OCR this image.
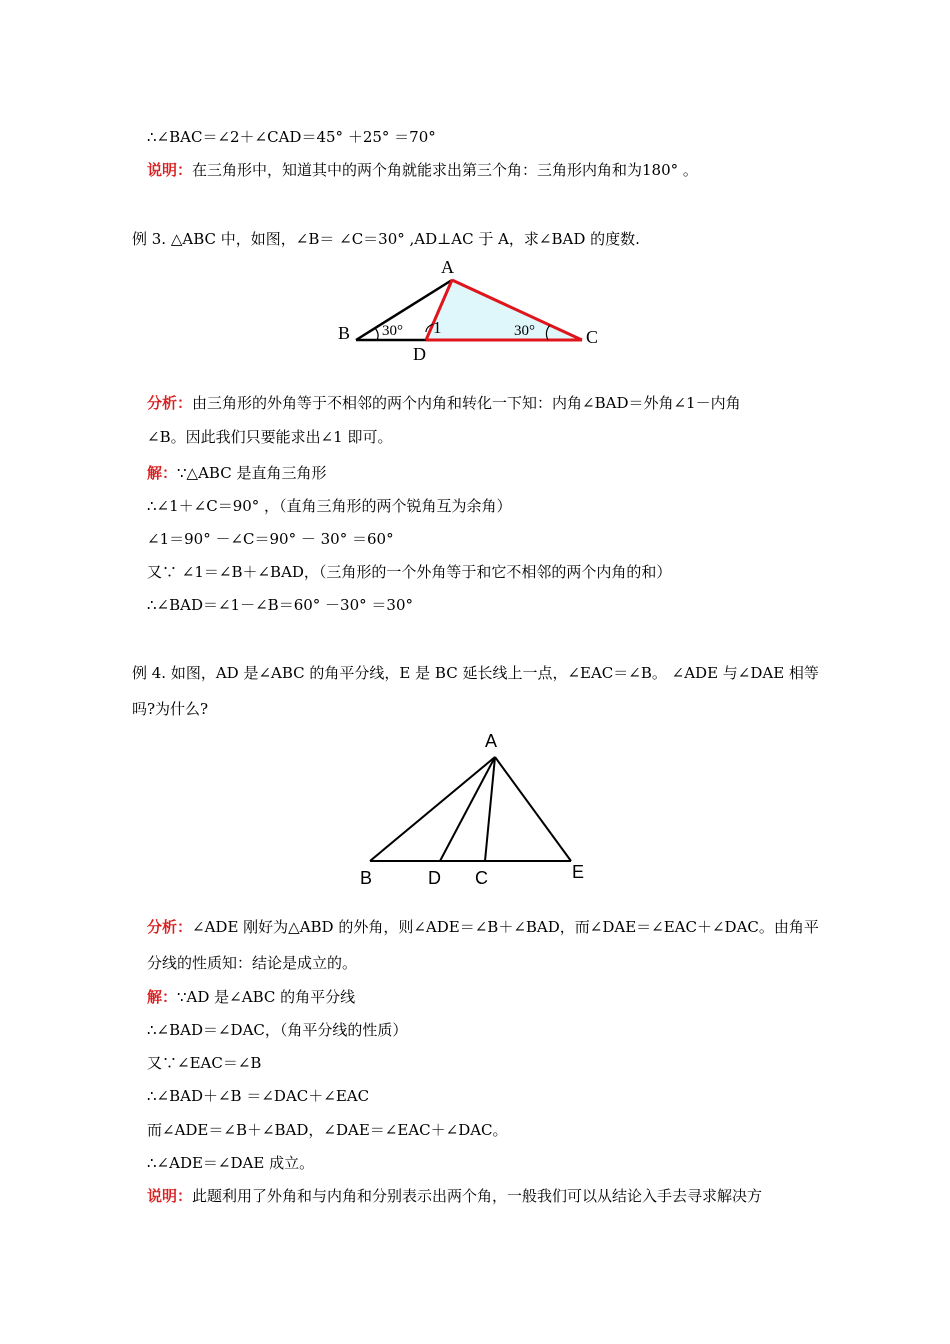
∴∠BAC＝∠2＋∠CAD＝45° ＋25° ＝70°
说明：在三角形中，知道其中的两个角就能求出第三个角：三角形内角和为180° 。
例 3. △ABC 中，如图，∠B＝ ∠C＝30° ,AD⊥AC 于 A，求∠BAD 的度数.
A
B	C
D
30°	30°
1
分析：由三角形的外角等于不相邻的两个内角和转化一下知：内角∠BAD＝外角∠1－内角
∠B。因此我们只要能求出∠1 即可。
解：∵△ABC 是直角三角形
∴∠1＋∠C＝90° ，（直角三角形的两个锐角互为余角）
∠1＝90° －∠C＝90° － 30° ＝60°
又∵ ∠1＝∠B＋∠BAD，（三角形的一个外角等于和它不相邻的两个内角的和）
∴∠BAD＝∠1－∠B＝60° －30° ＝30°
例 4. 如图，AD 是∠ABC 的角平分线，E 是 BC 延长线上一点，∠EAC＝∠B。 ∠ADE 与∠DAE 相等
吗?为什么?
A
B	D C	E
分析：∠ADE 刚好为△ABD 的外角，则∠ADE＝∠B＋∠BAD，而∠DAE＝∠EAC＋∠DAC。由角平
分线的性质知：结论是成立的。
解：∵AD 是∠ABC 的角平分线
∴∠BAD＝∠DAC，（角平分线的性质）
又∵∠EAC＝∠B
∴∠BAD＋∠B ＝∠DAC＋∠EAC
而∠ADE＝∠B＋∠BAD，∠DAE＝∠EAC＋∠DAC。
∴∠ADE＝∠DAE 成立。
说明：此题利用了外角和与内角和分别表示出两个角，一般我们可以从结论入手去寻求解决方
